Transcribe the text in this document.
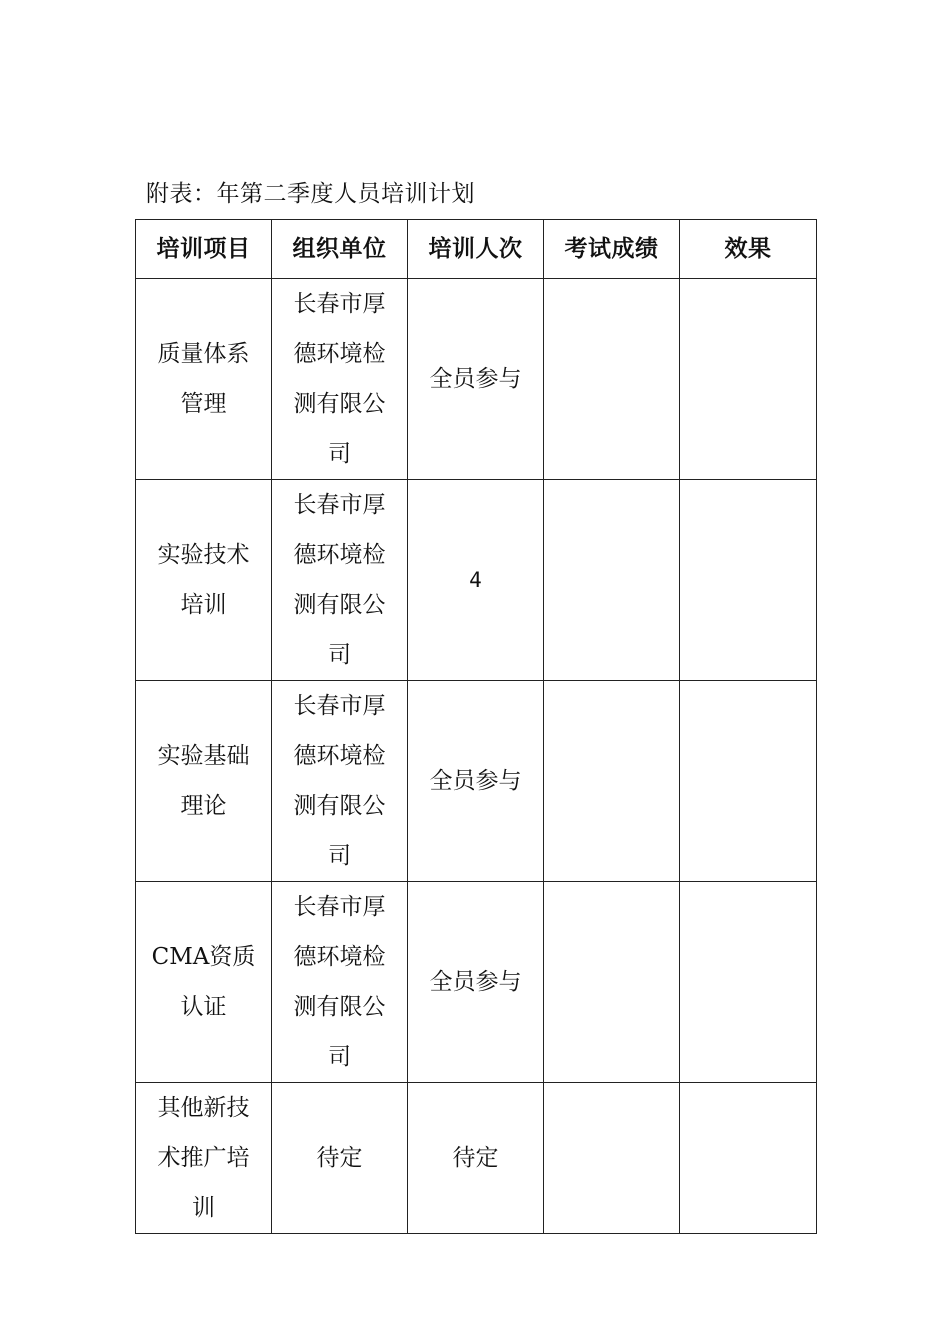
附表：年第二季度人员培训计划
培训项目	组织单位	培训人次	考试成绩	效果

质量体系管理	长春市厚德环境检测有限公司	全员参与		

实验技术培训	长春市厚德环境检测有限公司	4		

实验基础理论	长春市厚德环境检测有限公司	全员参与		

CMA资质认证	长春市厚德环境检测有限公司	全员参与		

其他新技术推广培训	待定	待定		
